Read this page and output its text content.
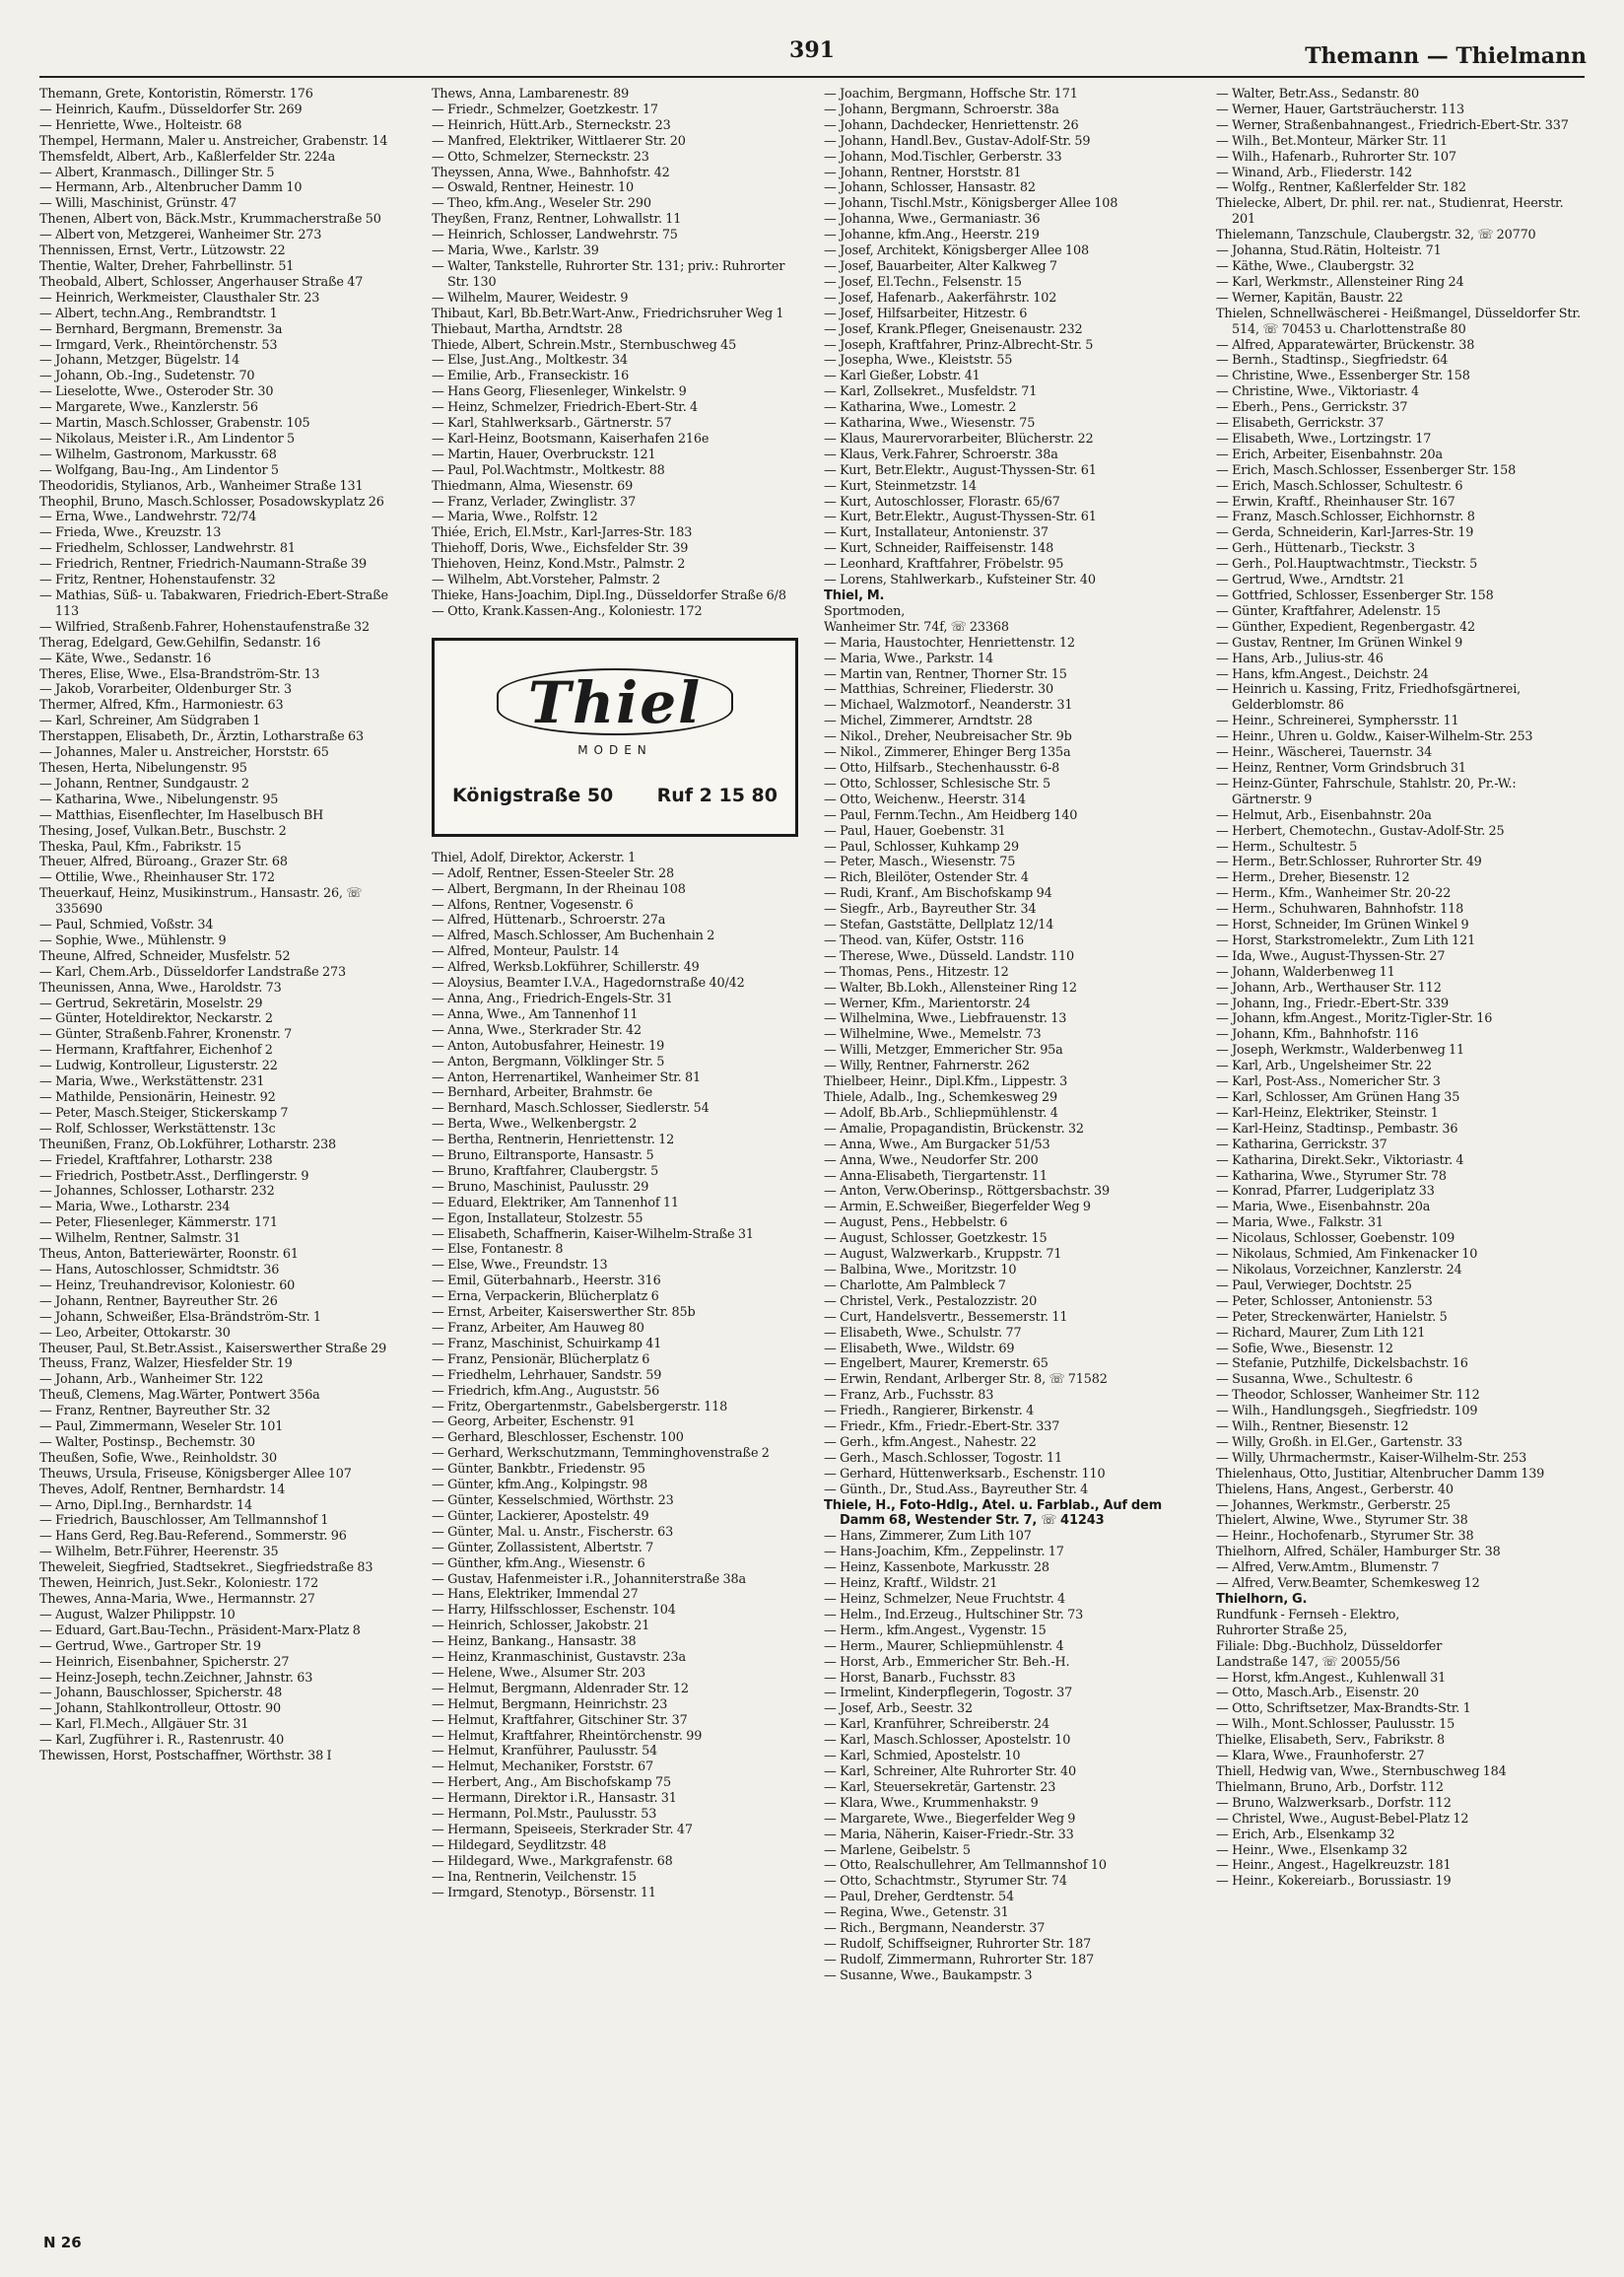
391	Themann — Thielmann
Themann, Grete, Kontoristin, Römerstr. 176
— Heinrich, Kaufm., Düsseldorfer Str. 269
— Henriette, Wwe., Holteistr. 68
Thempel, Hermann, Maler u. Anstreicher, Grabenstr. 14
Themsfeldt, Albert, Arb., Kaßlerfelder Str. 224a
— Albert, Kranmasch., Dillinger Str. 5
— Hermann, Arb., Altenbrucher Damm 10
— Willi, Maschinist, Grünstr. 47
Thenen, Albert von, Bäck.Mstr., Krummacherstraße 50
— Albert von, Metzgerei, Wanheimer Str. 273
Thennissen, Ernst, Vertr., Lützowstr. 22
Thentie, Walter, Dreher, Fahrbellinstr. 51
Theobald, Albert, Schlosser, Angerhauser Straße 47
— Heinrich, Werkmeister, Clausthaler Str. 23
— Albert, techn.Ang., Rembrandtstr. 1
— Bernhard, Bergmann, Bremenstr. 3a
— Irmgard, Verk., Rheintörchenstr. 53
— Johann, Metzger, Bügelstr. 14
— Johann, Ob.-Ing., Sudetenstr. 70
— Lieselotte, Wwe., Osteroder Str. 30
— Margarete, Wwe., Kanzlerstr. 56
— Martin, Masch.Schlosser, Grabenstr. 105
— Nikolaus, Meister i.R., Am Lindentor 5
— Wilhelm, Gastronom, Markusstr. 68
— Wolfgang, Bau-Ing., Am Lindentor 5
Theodoridis, Stylianos, Arb., Wanheimer Straße 131
Theophil, Bruno, Masch.Schlosser, Posadowskyplatz 26
— Erna, Wwe., Landwehrstr. 72/74
— Frieda, Wwe., Kreuzstr. 13
— Friedhelm, Schlosser, Landwehrstr. 81
— Friedrich, Rentner, Friedrich-Naumann-Straße 39
— Fritz, Rentner, Hohenstaufenstr. 32
— Mathias, Süß- u. Tabakwaren, Friedrich-Ebert-Straße 113
— Wilfried, Straßenb.Fahrer, Hohenstaufenstraße 32
Therag, Edelgard, Gew.Gehilfin, Sedanstr. 16
— Käte, Wwe., Sedanstr. 16
Theres, Elise, Wwe., Elsa-Brandström-Str. 13
— Jakob, Vorarbeiter, Oldenburger Str. 3
Thermer, Alfred, Kfm., Harmoniestr. 63
— Karl, Schreiner, Am Südgraben 1
Therstappen, Elisabeth, Dr., Ärztin, Lotharstraße 63
— Johannes, Maler u. Anstreicher, Horststr. 65
Thesen, Herta, Nibelungenstr. 95
— Johann, Rentner, Sundgaustr. 2
— Katharina, Wwe., Nibelungenstr. 95
— Matthias, Eisenflechter, Im Haselbusch BH
Thesing, Josef, Vulkan.Betr., Buschstr. 2
Theska, Paul, Kfm., Fabrikstr. 15
Theuer, Alfred, Büroang., Grazer Str. 68
— Ottilie, Wwe., Rheinhauser Str. 172
Theuerkauf, Heinz, Musikinstrum., Hansastr. 26, ☏ 335690
— Paul, Schmied, Voßstr. 34
— Sophie, Wwe., Mühlenstr. 9
Theune, Alfred, Schneider, Musfelstr. 52
— Karl, Chem.Arb., Düsseldorfer Landstraße 273
Theunissen, Anna, Wwe., Haroldstr. 73
— Gertrud, Sekretärin, Moselstr. 29
— Günter, Hoteldirektor, Neckarstr. 2
— Günter, Straßenb.Fahrer, Kronenstr. 7
— Hermann, Kraftfahrer, Eichenhof 2
— Ludwig, Kontrolleur, Ligusterstr. 22
— Maria, Wwe., Werkstättenstr. 231
— Mathilde, Pensionärin, Heinestr. 92
— Peter, Masch.Steiger, Stickerskamp 7
— Rolf, Schlosser, Werkstättenstr. 13c
Theunißen, Franz, Ob.Lokführer, Lotharstr. 238
— Friedel, Kraftfahrer, Lotharstr. 238
— Friedrich, Postbetr.Asst., Derflingerstr. 9
— Johannes, Schlosser, Lotharstr. 232
— Maria, Wwe., Lotharstr. 234
— Peter, Fliesenleger, Kämmerstr. 171
— Wilhelm, Rentner, Salmstr. 31
Theus, Anton, Batteriewärter, Roonstr. 61
— Hans, Autoschlosser, Schmidtstr. 36
— Heinz, Treuhandrevisor, Koloniestr. 60
— Johann, Rentner, Bayreuther Str. 26
— Johann, Schweißer, Elsa-Brändström-Str. 1
— Leo, Arbeiter, Ottokarstr. 30
Theuser, Paul, St.Betr.Assist., Kaiserswerther Straße 29
Theuss, Franz, Walzer, Hiesfelder Str. 19
— Johann, Arb., Wanheimer Str. 122
Theuß, Clemens, Mag.Wärter, Pontwert 356a
— Franz, Rentner, Bayreuther Str. 32
— Paul, Zimmermann, Weseler Str. 101
— Walter, Postinsp., Bechemstr. 30
Theußen, Sofie, Wwe., Reinholdstr. 30
Theuws, Ursula, Friseuse, Königsberger Allee 107
Theves, Adolf, Rentner, Bernhardstr. 14
— Arno, Dipl.Ing., Bernhardstr. 14
— Friedrich, Bauschlosser, Am Tellmannshof 1
— Hans Gerd, Reg.Bau-Referend., Sommerstr. 96
— Wilhelm, Betr.Führer, Heerenstr. 35
Theweleit, Siegfried, Stadtsekret., Siegfriedstraße 83
Thewen, Heinrich, Just.Sekr., Koloniestr. 172
Thewes, Anna-Maria, Wwe., Hermannstr. 27
— August, Walzer Philippstr. 10
— Eduard, Gart.Bau-Techn., Präsident-Marx-Platz 8
— Gertrud, Wwe., Gartroper Str. 19
— Heinrich, Eisenbahner, Spicherstr. 27
— Heinz-Joseph, techn.Zeichner, Jahnstr. 63
— Johann, Bauschlosser, Spicherstr. 48
— Johann, Stahlkontrolleur, Ottostr. 90
— Karl, Fl.Mech., Allgäuer Str. 31
— Karl, Zugführer i. R., Rastenrustr. 40
Thewissen, Horst, Postschaffner, Wörthstr. 38 I
Thews, Anna, Lambarenestr. 89
— Friedr., Schmelzer, Goetzkestr. 17
— Heinrich, Hütt.Arb., Sterneckstr. 23
— Manfred, Elektriker, Wittlaerer Str. 20
— Otto, Schmelzer, Sterneckstr. 23
Theyssen, Anna, Wwe., Bahnhofstr. 42
— Oswald, Rentner, Heinestr. 10
— Theo, kfm.Ang., Weseler Str. 290
Theyßen, Franz, Rentner, Lohwallstr. 11
— Heinrich, Schlosser, Landwehrstr. 75
— Maria, Wwe., Karlstr. 39
— Walter, Tankstelle, Ruhrorter Str. 131; priv.: Ruhrorter Str. 130
— Wilhelm, Maurer, Weidestr. 9
Thibaut, Karl, Bb.Betr.Wart-Anw., Friedrichsruher Weg 1
Thiebaut, Martha, Arndtstr. 28
Thiede, Albert, Schrein.Mstr., Sternbuschweg 45
— Else, Just.Ang., Moltkestr. 34
— Emilie, Arb., Franseckistr. 16
— Hans Georg, Fliesenleger, Winkelstr. 9
— Heinz, Schmelzer, Friedrich-Ebert-Str. 4
— Karl, Stahlwerksarb., Gärtnerstr. 57
— Karl-Heinz, Bootsmann, Kaiserhafen 216e
— Martin, Hauer, Overbruckstr. 121
— Paul, Pol.Wachtmstr., Moltkestr. 88
Thiedmann, Alma, Wiesenstr. 69
— Franz, Verlader, Zwinglistr. 37
— Maria, Wwe., Rolfstr. 12
Thiée, Erich, El.Mstr., Karl-Jarres-Str. 183
Thiehoff, Doris, Wwe., Eichsfelder Str. 39
Thiehoven, Heinz, Kond.Mstr., Palmstr. 2
— Wilhelm, Abt.Vorsteher, Palmstr. 2
Thieke, Hans-Joachim, Dipl.Ing., Düsseldorfer Straße 6/8
— Otto, Krank.Kassen-Ang., Koloniestr. 172
Thiel
MODEN
Königstraße 50 Ruf 2 15 80
Thiel, Adolf, Direktor, Ackerstr. 1
— Adolf, Rentner, Essen-Steeler Str. 28
— Albert, Bergmann, In der Rheinau 108
— Alfons, Rentner, Vogesenstr. 6
— Alfred, Hüttenarb., Schroerstr. 27a
— Alfred, Masch.Schlosser, Am Buchenhain 2
— Alfred, Monteur, Paulstr. 14
— Alfred, Werksb.Lokführer, Schillerstr. 49
— Aloysius, Beamter I.V.A., Hagedornstraße 40/42
— Anna, Ang., Friedrich-Engels-Str. 31
— Anna, Wwe., Am Tannenhof 11
— Anna, Wwe., Sterkrader Str. 42
— Anton, Autobusfahrer, Heinestr. 19
— Anton, Bergmann, Völklinger Str. 5
— Anton, Herrenartikel, Wanheimer Str. 81
— Bernhard, Arbeiter, Brahmstr. 6e
— Bernhard, Masch.Schlosser, Siedlerstr. 54
— Berta, Wwe., Welkenbergstr. 2
— Bertha, Rentnerin, Henriettenstr. 12
— Bruno, Eiltransporte, Hansastr. 5
— Bruno, Kraftfahrer, Claubergstr. 5
— Bruno, Maschinist, Paulusstr. 29
— Eduard, Elektriker, Am Tannenhof 11
— Egon, Installateur, Stolzestr. 55
— Elisabeth, Schaffnerin, Kaiser-Wilhelm-Straße 31
— Else, Fontanestr. 8
— Else, Wwe., Freundstr. 13
— Emil, Güterbahnarb., Heerstr. 316
— Erna, Verpackerin, Blücherplatz 6
— Ernst, Arbeiter, Kaiserswerther Str. 85b
— Franz, Arbeiter, Am Hauweg 80
— Franz, Maschinist, Schuirkamp 41
— Franz, Pensionär, Blücherplatz 6
— Friedhelm, Lehrhauer, Sandstr. 59
— Friedrich, kfm.Ang., Auguststr. 56
— Fritz, Obergartenmstr., Gabelsbergerstr. 118
— Georg, Arbeiter, Eschenstr. 91
— Gerhard, Bleschlosser, Eschenstr. 100
— Gerhard, Werkschutzmann, Temminghovenstraße 2
— Günter, Bankbtr., Friedenstr. 95
— Günter, kfm.Ang., Kolpingstr. 98
— Günter, Kesselschmied, Wörthstr. 23
— Günter, Lackierer, Apostelstr. 49
— Günter, Mal. u. Anstr., Fischerstr. 63
— Günter, Zollassistent, Albertstr. 7
— Günther, kfm.Ang., Wiesenstr. 6
— Gustav, Hafenmeister i.R., Johanniterstraße 38a
— Hans, Elektriker, Immendal 27
— Harry, Hilfsschlosser, Eschenstr. 104
— Heinrich, Schlosser, Jakobstr. 21
— Heinz, Bankang., Hansastr. 38
— Heinz, Kranmaschinist, Gustavstr. 23a
— Helene, Wwe., Alsumer Str. 203
— Helmut, Bergmann, Aldenrader Str. 12
— Helmut, Bergmann, Heinrichstr. 23
— Helmut, Kraftfahrer, Gitschiner Str. 37
— Helmut, Kraftfahrer, Rheintörchenstr. 99
— Helmut, Kranführer, Paulusstr. 54
— Helmut, Mechaniker, Forststr. 67
— Herbert, Ang., Am Bischofskamp 75
— Hermann, Direktor i.R., Hansastr. 31
— Hermann, Pol.Mstr., Paulusstr. 53
— Hermann, Speiseeis, Sterkrader Str. 47
— Hildegard, Seydlitzstr. 48
— Hildegard, Wwe., Markgrafenstr. 68
— Ina, Rentnerin, Veilchenstr. 15
— Irmgard, Stenotyp., Börsenstr. 11
— Joachim, Bergmann, Hoffsche Str. 171
— Johann, Bergmann, Schroerstr. 38a
— Johann, Dachdecker, Henriettenstr. 26
— Johann, Handl.Bev., Gustav-Adolf-Str. 59
— Johann, Mod.Tischler, Gerberstr. 33
— Johann, Rentner, Horststr. 81
— Johann, Schlosser, Hansastr. 82
— Johann, Tischl.Mstr., Königsberger Allee 108
— Johanna, Wwe., Germaniastr. 36
— Johanne, kfm.Ang., Heerstr. 219
— Josef, Architekt, Königsberger Allee 108
— Josef, Bauarbeiter, Alter Kalkweg 7
— Josef, El.Techn., Felsenstr. 15
— Josef, Hafenarb., Aakerfährstr. 102
— Josef, Hilfsarbeiter, Hitzestr. 6
— Josef, Krank.Pfleger, Gneisenaustr. 232
— Joseph, Kraftfahrer, Prinz-Albrecht-Str. 5
— Josepha, Wwe., Kleiststr. 55
— Karl Gießer, Lobstr. 41
— Karl, Zollsekret., Musfeldstr. 71
— Katharina, Wwe., Lomestr. 2
— Katharina, Wwe., Wiesenstr. 75
— Klaus, Maurervorarbeiter, Blücherstr. 22
— Klaus, Verk.Fahrer, Schroerstr. 38a
— Kurt, Betr.Elektr., August-Thyssen-Str. 61
— Kurt, Steinmetzstr. 14
— Kurt, Autoschlosser, Florastr. 65/67
— Kurt, Betr.Elektr., August-Thyssen-Str. 61
— Kurt, Installateur, Antonienstr. 37
— Kurt, Schneider, Raiffeisenstr. 148
— Leonhard, Kraftfahrer, Fröbelstr. 95
— Lorens, Stahlwerkarb., Kufsteiner Str. 40
Thiel, M.
Sportmoden,
Wanheimer Str. 74f, ☏ 23368
— Maria, Haustochter, Henriettenstr. 12
— Maria, Wwe., Parkstr. 14
— Martin van, Rentner, Thorner Str. 15
— Matthias, Schreiner, Fliederstr. 30
— Michael, Walzmotorf., Neanderstr. 31
— Michel, Zimmerer, Arndtstr. 28
— Nikol., Dreher, Neubreisacher Str. 9b
— Nikol., Zimmerer, Ehinger Berg 135a
— Otto, Hilfsarb., Stechenhausstr. 6-8
— Otto, Schlosser, Schlesische Str. 5
— Otto, Weichenw., Heerstr. 314
— Paul, Fernm.Techn., Am Heidberg 140
— Paul, Hauer, Goebenstr. 31
— Paul, Schlosser, Kuhkamp 29
— Peter, Masch., Wiesenstr. 75
— Rich, Bleilöter, Ostender Str. 4
— Rudi, Kranf., Am Bischofskamp 94
— Siegfr., Arb., Bayreuther Str. 34
— Stefan, Gaststätte, Dellplatz 12/14
— Theod. van, Küfer, Oststr. 116
— Therese, Wwe., Düsseld. Landstr. 110
— Thomas, Pens., Hitzestr. 12
— Walter, Bb.Lokh., Allensteiner Ring 12
— Werner, Kfm., Marientorstr. 24
— Wilhelmina, Wwe., Liebfrauenstr. 13
— Wilhelmine, Wwe., Memelstr. 73
— Willi, Metzger, Emmericher Str. 95a
— Willy, Rentner, Fahrnerstr. 262
Thielbeer, Heinr., Dipl.Kfm., Lippestr. 3
Thiele, Adalb., Ing., Schemkesweg 29
— Adolf, Bb.Arb., Schliepmühlenstr. 4
— Amalie, Propagandistin, Brückenstr. 32
— Anna, Wwe., Am Burgacker 51/53
— Anna, Wwe., Neudorfer Str. 200
— Anna-Elisabeth, Tiergartenstr. 11
— Anton, Verw.Oberinsp., Röttgersbachstr. 39
— Armin, E.Schweißer, Biegerfelder Weg 9
— August, Pens., Hebbelstr. 6
— August, Schlosser, Goetzkestr. 15
— August, Walzwerkarb., Kruppstr. 71
— Balbina, Wwe., Moritzstr. 10
— Charlotte, Am Palmbleck 7
— Christel, Verk., Pestalozzistr. 20
— Curt, Handelsvertr., Bessemerstr. 11
— Elisabeth, Wwe., Schulstr. 77
— Elisabeth, Wwe., Wildstr. 69
— Engelbert, Maurer, Kremerstr. 65
— Erwin, Rendant, Arlberger Str. 8, ☏ 71582
— Franz, Arb., Fuchsstr. 83
— Friedh., Rangierer, Birkenstr. 4
— Friedr., Kfm., Friedr.-Ebert-Str. 337
— Gerh., kfm.Angest., Nahestr. 22
— Gerh., Masch.Schlosser, Togostr. 11
— Gerhard, Hüttenwerksarb., Eschenstr. 110
— Günth., Dr., Stud.Ass., Bayreuther Str. 4
Thiele, H., Foto-Hdlg., Atel. u. Farblab., Auf dem Damm 68, Westender Str. 7, ☏ 41243
— Hans, Zimmerer, Zum Lith 107
— Hans-Joachim, Kfm., Zeppelinstr. 17
— Heinz, Kassenbote, Markusstr. 28
— Heinz, Kraftf., Wildstr. 21
— Heinz, Schmelzer, Neue Fruchtstr. 4
— Helm., Ind.Erzeug., Hultschiner Str. 73
— Herm., kfm.Angest., Vygenstr. 15
— Herm., Maurer, Schliepmühlenstr. 4
— Horst, Arb., Emmericher Str. Beh.-H.
— Horst, Banarb., Fuchsstr. 83
— Irmelint, Kinderpflegerin, Togostr. 37
— Josef, Arb., Seestr. 32
— Karl, Kranführer, Schreiberstr. 24
— Karl, Masch.Schlosser, Apostelstr. 10
— Karl, Schmied, Apostelstr. 10
— Karl, Schreiner, Alte Ruhrorter Str. 40
— Karl, Steuersekretär, Gartenstr. 23
— Klara, Wwe., Krummenhakstr. 9
— Margarete, Wwe., Biegerfelder Weg 9
— Maria, Näherin, Kaiser-Friedr.-Str. 33
— Marlene, Geibelstr. 5
— Otto, Realschullehrer, Am Tellmannshof 10
— Otto, Schachtmstr., Styrumer Str. 74
— Paul, Dreher, Gerdtenstr. 54
— Regina, Wwe., Getenstr. 31
— Rich., Bergmann, Neanderstr. 37
— Rudolf, Schiffseigner, Ruhrorter Str. 187
— Rudolf, Zimmermann, Ruhrorter Str. 187
— Susanne, Wwe., Baukampstr. 3
— Walter, Betr.Ass., Sedanstr. 80
— Werner, Hauer, Gartsträucherstr. 113
— Werner, Straßenbahnangest., Friedrich-Ebert-Str. 337
— Wilh., Bet.Monteur, Märker Str. 11
— Wilh., Hafenarb., Ruhrorter Str. 107
— Winand, Arb., Fliederstr. 142
— Wolfg., Rentner, Kaßlerfelder Str. 182
Thielecke, Albert, Dr. phil. rer. nat., Studienrat, Heerstr. 201
Thielemann, Tanzschule, Claubergstr. 32, ☏ 20770
— Johanna, Stud.Rätin, Holteistr. 71
— Käthe, Wwe., Claubergstr. 32
— Karl, Werkmstr., Allensteiner Ring 24
— Werner, Kapitän, Baustr. 22
Thielen, Schnellwäscherei - Heißmangel, Düsseldorfer Str. 514, ☏ 70453 u. Charlottenstraße 80
— Alfred, Apparatewärter, Brückenstr. 38
— Bernh., Stadtinsp., Siegfriedstr. 64
— Christine, Wwe., Essenberger Str. 158
— Christine, Wwe., Viktoriastr. 4
— Eberh., Pens., Gerrickstr. 37
— Elisabeth, Gerrickstr. 37
— Elisabeth, Wwe., Lortzingstr. 17
— Erich, Arbeiter, Eisenbahnstr. 20a
— Erich, Masch.Schlosser, Essenberger Str. 158
— Erich, Masch.Schlosser, Schultestr. 6
— Erwin, Kraftf., Rheinhauser Str. 167
— Franz, Masch.Schlosser, Eichhornstr. 8
— Gerda, Schneiderin, Karl-Jarres-Str. 19
— Gerh., Hüttenarb., Tieckstr. 3
— Gerh., Pol.Hauptwachtmstr., Tieckstr. 5
— Gertrud, Wwe., Arndtstr. 21
— Gottfried, Schlosser, Essenberger Str. 158
— Günter, Kraftfahrer, Adelenstr. 15
— Günther, Expedient, Regenbergastr. 42
— Gustav, Rentner, Im Grünen Winkel 9
— Hans, Arb., Julius-str. 46
— Hans, kfm.Angest., Deichstr. 24
— Heinrich u. Kassing, Fritz, Friedhofsgärtnerei, Gelderblomstr. 86
— Heinr., Schreinerei, Symphersstr. 11
— Heinr., Uhren u. Goldw., Kaiser-Wilhelm-Str. 253
— Heinr., Wäscherei, Tauernstr. 34
— Heinz, Rentner, Vorm Grindsbruch 31
— Heinz-Günter, Fahrschule, Stahlstr. 20, Pr.-W.: Gärtnerstr. 9
— Helmut, Arb., Eisenbahnstr. 20a
— Herbert, Chemotechn., Gustav-Adolf-Str. 25
— Herm., Schultestr. 5
— Herm., Betr.Schlosser, Ruhrorter Str. 49
— Herm., Dreher, Biesenstr. 12
— Herm., Kfm., Wanheimer Str. 20-22
— Herm., Schuhwaren, Bahnhofstr. 118
— Horst, Schneider, Im Grünen Winkel 9
— Horst, Starkstromelektr., Zum Lith 121
— Ida, Wwe., August-Thyssen-Str. 27
— Johann, Walderbenweg 11
— Johann, Arb., Werthauser Str. 112
— Johann, Ing., Friedr.-Ebert-Str. 339
— Johann, kfm.Angest., Moritz-Tigler-Str. 16
— Johann, Kfm., Bahnhofstr. 116
— Joseph, Werkmstr., Walderbenweg 11
— Karl, Arb., Ungelsheimer Str. 22
— Karl, Post-Ass., Nomericher Str. 3
— Karl, Schlosser, Am Grünen Hang 35
— Karl-Heinz, Elektriker, Steinstr. 1
— Karl-Heinz, Stadtinsp., Pembastr. 36
— Katharina, Gerrickstr. 37
— Katharina, Direkt.Sekr., Viktoriastr. 4
— Katharina, Wwe., Styrumer Str. 78
— Konrad, Pfarrer, Ludgeriplatz 33
— Maria, Wwe., Eisenbahnstr. 20a
— Maria, Wwe., Falkstr. 31
— Nicolaus, Schlosser, Goebenstr. 109
— Nikolaus, Schmied, Am Finkenacker 10
— Nikolaus, Vorzeichner, Kanzlerstr. 24
— Paul, Verwieger, Dochtstr. 25
— Peter, Schlosser, Antonienstr. 53
— Peter, Streckenwärter, Hanielstr. 5
— Richard, Maurer, Zum Lith 121
— Sofie, Wwe., Biesenstr. 12
— Stefanie, Putzhilfe, Dickelsbachstr. 16
— Susanna, Wwe., Schultestr. 6
— Theodor, Schlosser, Wanheimer Str. 112
— Wilh., Handlungsgeh., Siegfriedstr. 109
— Wilh., Rentner, Biesenstr. 12
— Willy, Großh. in El.Ger., Gartenstr. 33
— Willy, Uhrmachermstr., Kaiser-Wilhelm-Str. 253
Thielenhaus, Otto, Justitiar, Altenbrucher Damm 139
Thielens, Hans, Angest., Gerberstr. 40
— Johannes, Werkmstr., Gerberstr. 25
Thielert, Alwine, Wwe., Styrumer Str. 38
— Heinr., Hochofenarb., Styrumer Str. 38
Thielhorn, Alfred, Schäler, Hamburger Str. 38
— Alfred, Verw.Amtm., Blumenstr. 7
— Alfred, Verw.Beamter, Schemkesweg 12
Thielhorn, G.
Rundfunk - Fernseh - Elektro,
Ruhrorter Straße 25,
Filiale: Dbg.-Buchholz, Düsseldorfer
Landstraße 147, ☏ 20055/56
— Horst, kfm.Angest., Kuhlenwall 31
— Otto, Masch.Arb., Eisenstr. 20
— Otto, Schriftsetzer, Max-Brandts-Str. 1
— Wilh., Mont.Schlosser, Paulusstr. 15
Thielke, Elisabeth, Serv., Fabrikstr. 8
— Klara, Wwe., Fraunhoferstr. 27
Thiell, Hedwig van, Wwe., Sternbuschweg 184
Thielmann, Bruno, Arb., Dorfstr. 112
— Bruno, Walzwerksarb., Dorfstr. 112
— Christel, Wwe., August-Bebel-Platz 12
— Erich, Arb., Elsenkamp 32
— Heinr., Wwe., Elsenkamp 32
— Heinr., Angest., Hagelkreuzstr. 181
— Heinr., Kokereiarb., Borussiastr. 19
N 26
